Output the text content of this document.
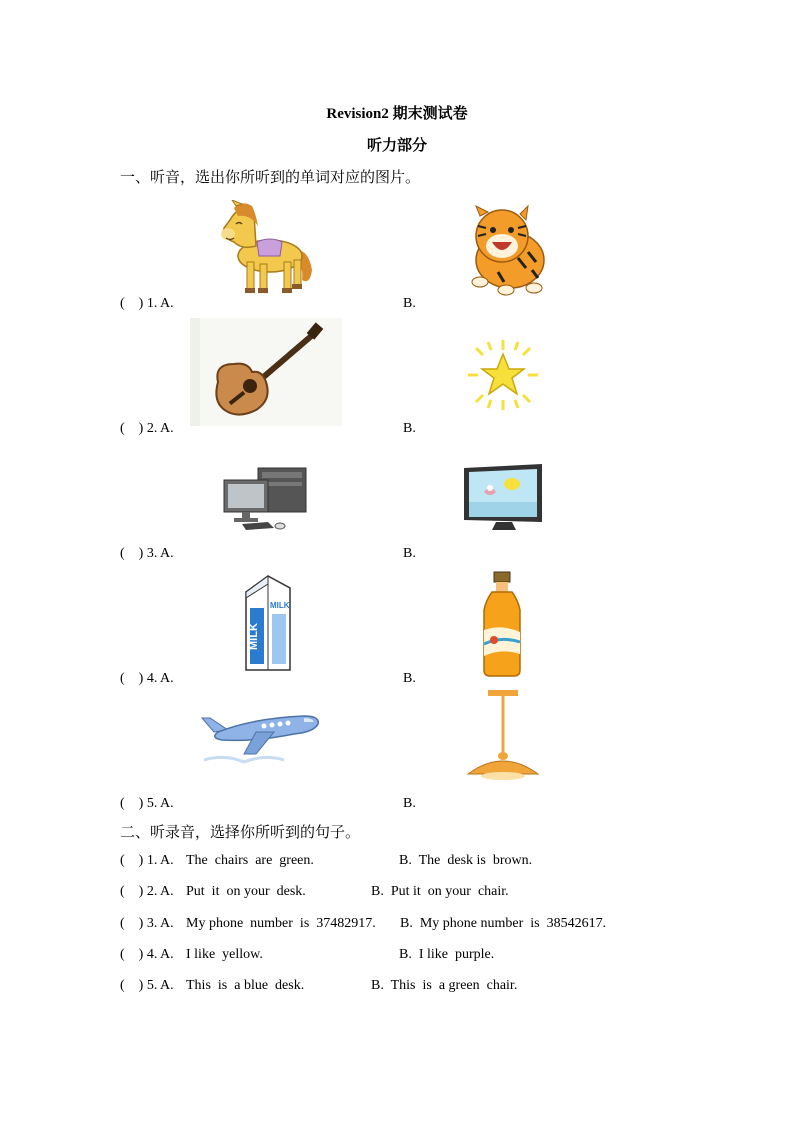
Revision2 期末测试卷
听力部分
一、听音，选出你所听到的单词对应的图片。
(    ) 1. A.	B.
(    ) 2. A.	B.
(    ) 3. A.	B.
MILK
MILK
(    ) 4. A.	B.
(    ) 5. A.	B.
二、听录音，选择你所听到的句子。
(    ) 1. A. The  chairs  are  green.	B.  The  desk is  brown.
(    ) 2. A. Put  it  on your  desk.	B.  Put it  on your  chair.
(    ) 3. A. My phone  number  is  37482917. B.  My phone number  is  38542617.
(    ) 4. A. I like  yellow.	B.  I like  purple.
(    ) 5. A. This  is  a blue  desk.	B.  This  is  a green  chair.
